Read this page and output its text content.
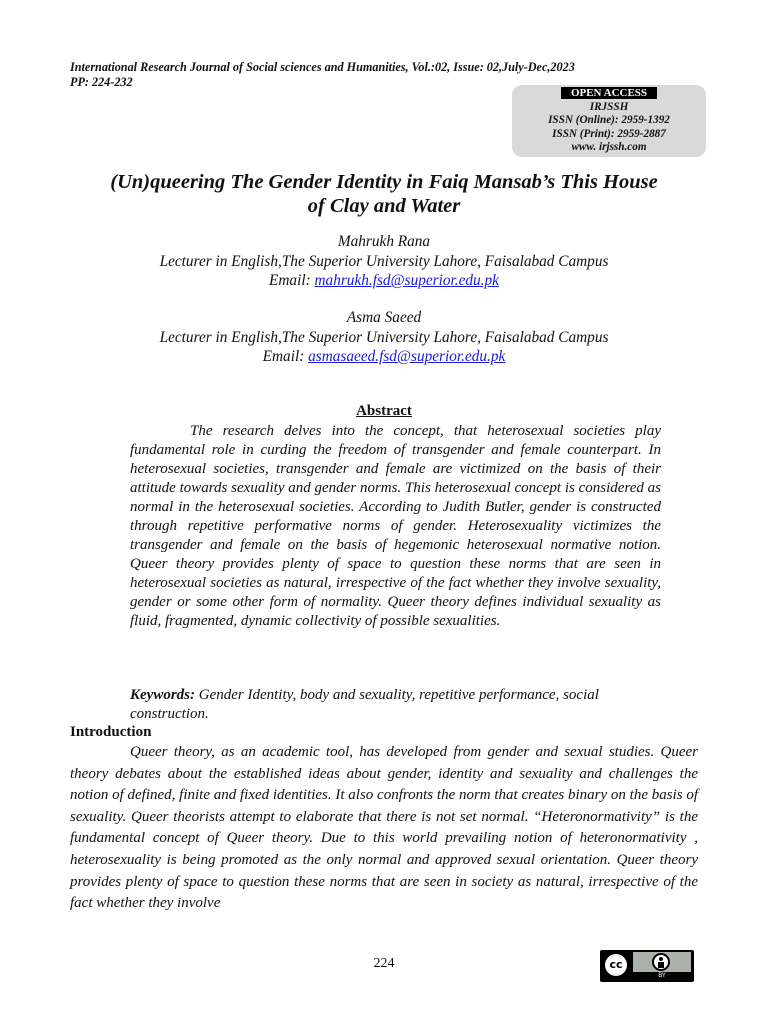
International Research Journal of Social sciences and Humanities, Vol.:02, Issue: 02,July-Dec,2023
PP: 224-232
OPEN ACCESS
IRJSSH
ISSN (Online): 2959-1392
ISSN (Print): 2959-2887
www. irjssh.com
(Un)queering The Gender Identity in Faiq Mansab’s This House
of Clay and Water
Mahrukh Rana
Lecturer in English,The Superior University Lahore, Faisalabad Campus
Email: mahrukh.fsd@superior.edu.pk
Asma Saeed
Lecturer in English,The Superior University Lahore, Faisalabad Campus
Email: asmasaeed.fsd@superior.edu.pk
Abstract
The research delves into the concept, that heterosexual societies play fundamental role in curding the freedom of transgender and female counterpart. In heterosexual societies, transgender and female are victimized on the basis of their attitude towards sexuality and gender norms. This heterosexual concept is considered as normal in the heterosexual societies. According to Judith Butler, gender is constructed through repetitive performative norms of gender. Heterosexuality victimizes the transgender and female on the basis of hegemonic heterosexual normative notion. Queer theory provides plenty of space to question these norms that are seen in heterosexual societies as natural, irrespective of the fact whether they involve sexuality, gender or some other form of normality. Queer theory defines individual sexuality as fluid, fragmented, dynamic collectivity of possible sexualities.
Keywords: Gender Identity, body and sexuality, repetitive performance, social construction.
Introduction
Queer theory, as an academic tool, has developed from gender and sexual studies. Queer theory debates about the established ideas about gender, identity and sexuality and challenges the notion of defined, finite and fixed identities. It also confronts the norm that creates binary on the basis of sexuality. Queer theorists attempt to elaborate that there is not set normal. “Heteronormativity” is the fundamental concept of Queer theory. Due to this world prevailing notion of heteronormativity , heterosexuality is being promoted as the only normal and approved sexual orientation. Queer theory provides plenty of space to question these norms that are seen in society as natural, irrespective of the fact whether they involve
224	cc
BY
